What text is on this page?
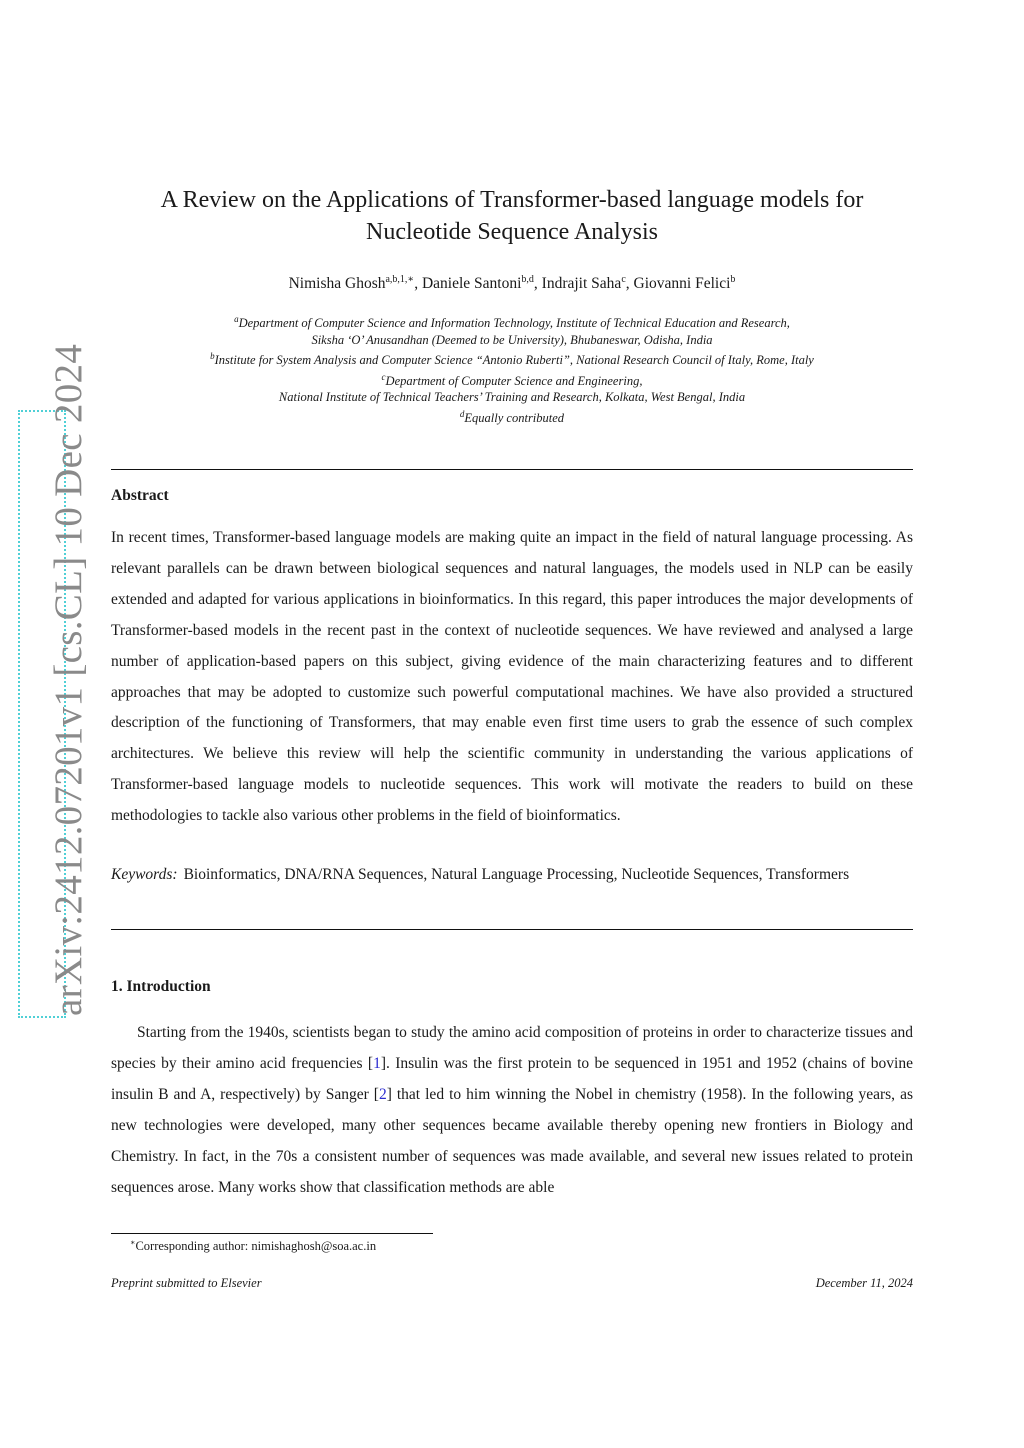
arXiv:2412.07201v1 [cs.CL] 10 Dec 2024
A Review on the Applications of Transformer-based language models for
Nucleotide Sequence Analysis
Nimisha Ghosh$^{a,b,1,∗}$, Daniele Santoni$^{b,d}$, Indrajit Saha$^c$, Giovanni Felici$^b$
$^a$Department of Computer Science and Information Technology, Institute of Technical Education and Research,
Siksha ‘O’ Anusandhan (Deemed to be University), Bhubaneswar, Odisha, India
$^b$Institute for System Analysis and Computer Science “Antonio Ruberti”, National Research Council of Italy, Rome, Italy
$^c$Department of Computer Science and Engineering,
National Institute of Technical Teachers’ Training and Research, Kolkata, West Bengal, India
$^d$Equally contributed
Abstract
In recent times, Transformer-based language models are making quite an impact in the field of natural language processing. As relevant parallels can be drawn between biological sequences and natural languages, the models used in NLP can be easily extended and adapted for various applications in bioinformatics. In this regard, this paper introduces the major developments of Transformer-based models in the recent past in the context of nucleotide sequences. We have reviewed and analysed a large number of application-based papers on this subject, giving evidence of the main characterizing features and to different approaches that may be adopted to customize such powerful computational machines. We have also provided a structured description of the functioning of Transformers, that may enable even first time users to grab the essence of such complex architectures. We believe this review will help the scientific community in understanding the various applications of Transformer-based language models to nucleotide sequences. This work will motivate the readers to build on these methodologies to tackle also various other problems in the field of bioinformatics.
Keywords: Bioinformatics, DNA/RNA Sequences, Natural Language Processing, Nucleotide Sequences, Transformers
1. Introduction
Starting from the 1940s, scientists began to study the amino acid composition of proteins in order to characterize tissues and species by their amino acid frequencies [1]. Insulin was the first protein to be sequenced in 1951 and 1952 (chains of bovine insulin B and A, respectively) by Sanger [2] that led to him winning the Nobel in chemistry (1958). In the following years, as new technologies were developed, many other sequences became available thereby opening new frontiers in Biology and Chemistry. In fact, in the 70s a consistent number of sequences was made available, and several new issues related to protein sequences arose. Many works show that classification methods are able
∗Corresponding author: nimishaghosh@soa.ac.in
Preprint submitted to Elsevier	December 11, 2024
